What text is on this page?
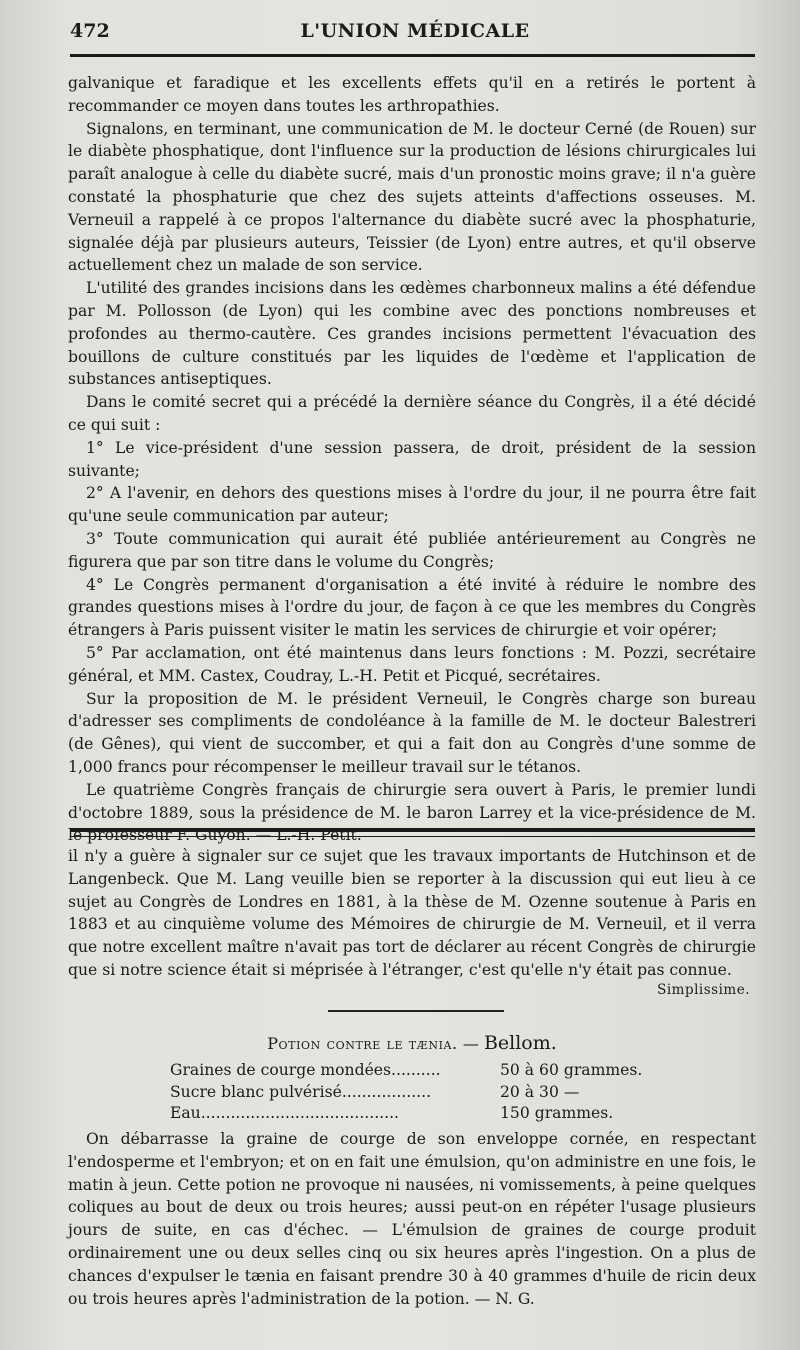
472	L'UNION MÉDICALE

galvanique et faradique et les excellents effets qu'il en a retirés le portent à recommander ce moyen dans toutes les arthropathies.

Signalons, en terminant, une communication de M. le docteur Cerné (de Rouen) sur le diabète phosphatique, dont l'influence sur la production de lésions chirurgicales lui paraît analogue à celle du diabète sucré, mais d'un pronostic moins grave; il n'a guère constaté la phosphaturie que chez des sujets atteints d'affections osseuses. M. Verneuil a rappelé à ce propos l'alternance du diabète sucré avec la phosphaturie, signalée déjà par plusieurs auteurs, Teissier (de Lyon) entre autres, et qu'il observe actuellement chez un malade de son service.

L'utilité des grandes incisions dans les œdèmes charbonneux malins a été défendue par M. Pollosson (de Lyon) qui les combine avec des ponctions nombreuses et profondes au thermo-cautère. Ces grandes incisions permettent l'évacuation des bouillons de culture constitués par les liquides de l'œdème et l'application de substances antiseptiques.

Dans le comité secret qui a précédé la dernière séance du Congrès, il a été décidé ce qui suit :

1° Le vice-président d'une session passera, de droit, président de la session suivante;

2° A l'avenir, en dehors des questions mises à l'ordre du jour, il ne pourra être fait qu'une seule communication par auteur;

3° Toute communication qui aurait été publiée antérieurement au Congrès ne figurera que par son titre dans le volume du Congrès;

4° Le Congrès permanent d'organisation a été invité à réduire le nombre des grandes questions mises à l'ordre du jour, de façon à ce que les membres du Congrès étrangers à Paris puissent visiter le matin les services de chirurgie et voir opérer;

5° Par acclamation, ont été maintenus dans leurs fonctions : M. Pozzi, secrétaire général, et MM. Castex, Coudray, L.-H. Petit et Picqué, secrétaires.

Sur la proposition de M. le président Verneuil, le Congrès charge son bureau d'adresser ses compliments de condoléance à la famille de M. le docteur Balestreri (de Gênes), qui vient de succomber, et qui a fait don au Congrès d'une somme de 1,000 francs pour récompenser le meilleur travail sur le tétanos.

Le quatrième Congrès français de chirurgie sera ouvert à Paris, le premier lundi d'octobre 1889, sous la présidence de M. le baron Larrey et la vice-présidence de M. le professeur F. Guyon. — L.-H. Petit.

il n'y a guère à signaler sur ce sujet que les travaux importants de Hutchinson et de Langenbeck. Que M. Lang veuille bien se reporter à la discussion qui eut lieu à ce sujet au Congrès de Londres en 1881, à la thèse de M. Ozenne soutenue à Paris en 1883 et au cinquième volume des Mémoires de chirurgie de M. Verneuil, et il verra que notre excellent maître n'avait pas tort de déclarer au récent Congrès de chirurgie que si notre science était si méprisée à l'étranger, c'est qu'elle n'y était pas connue.

Simplissime.
Potion contre le tænia. — Bellom.
Graines de courge mondées..........	50 à 60 grammes.
Sucre blanc pulvérisé..................	20 à 30 —
Eau........................................	150 grammes.

On débarrasse la graine de courge de son enveloppe cornée, en respectant l'endosperme et l'embryon; et on en fait une émulsion, qu'on administre en une fois, le matin à jeun. Cette potion ne provoque ni nausées, ni vomissements, à peine quelques coliques au bout de deux ou trois heures; aussi peut-on en répéter l'usage plusieurs jours de suite, en cas d'échec. — L'émulsion de graines de courge produit ordinairement une ou deux selles cinq ou six heures après l'ingestion. On a plus de chances d'expulser le tænia en faisant prendre 30 à 40 grammes d'huile de ricin deux ou trois heures après l'administration de la potion. — N. G.
